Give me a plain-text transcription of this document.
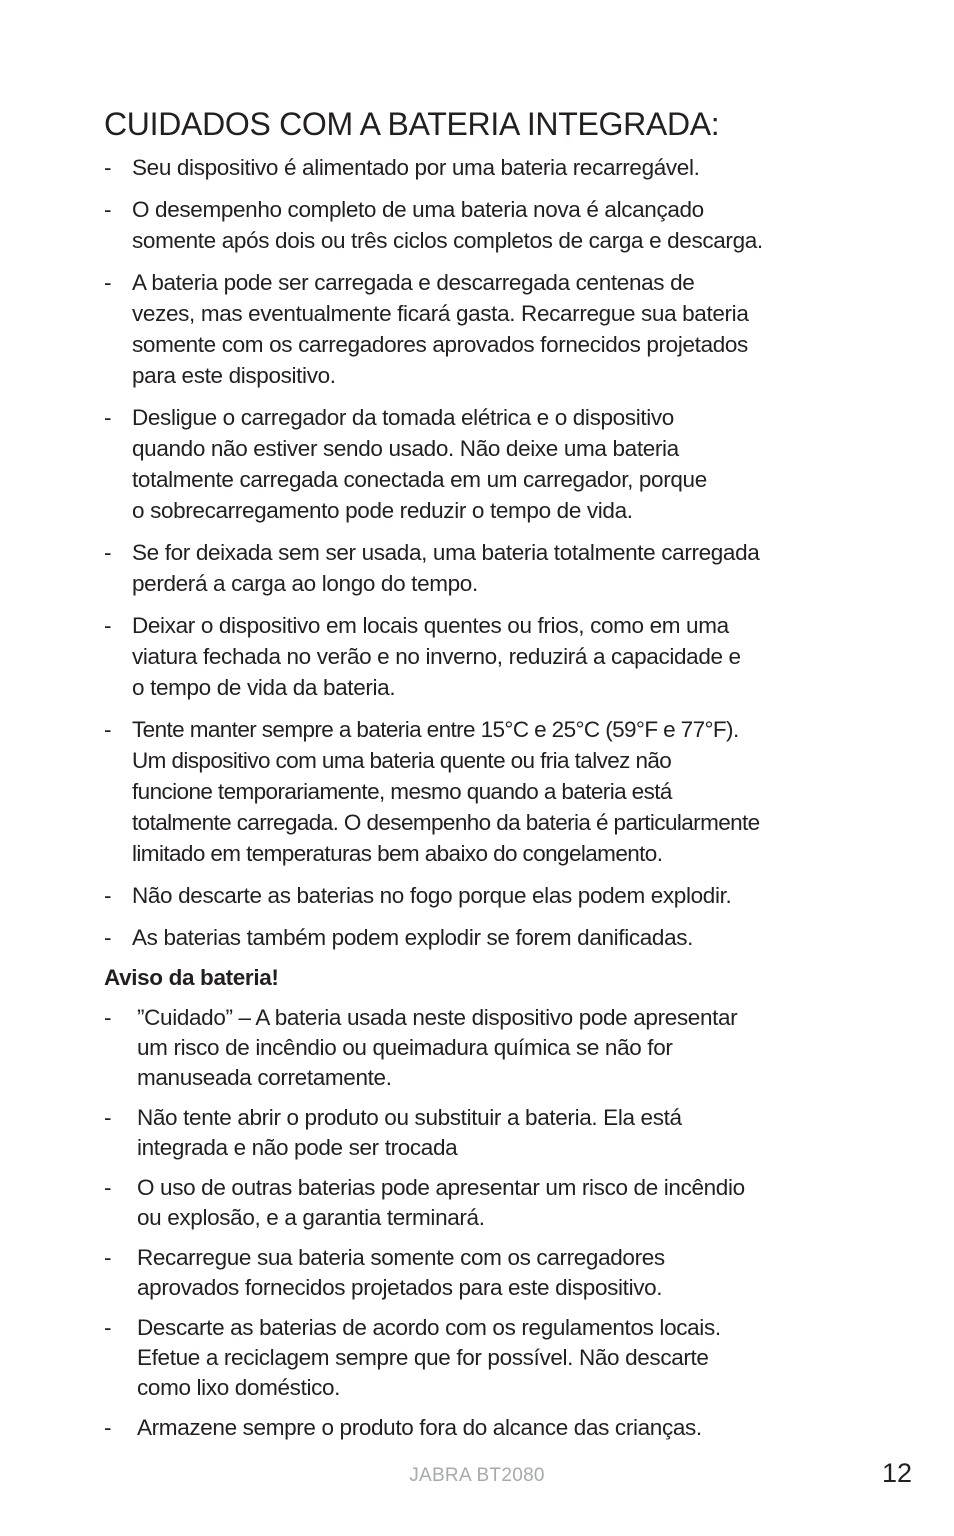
CUIDADOS COM A BATERIA INTEGRADA:
- Seu dispositivo é alimentado por uma bateria recarregável.

- O desempenho completo de uma bateria nova é alcançado
somente após dois ou três ciclos completos de carga e descarga.

- A bateria pode ser carregada e descarregada centenas de
vezes, mas eventualmente ficará gasta. Recarregue sua bateria
somente com os carregadores aprovados fornecidos projetados
para este dispositivo.

- Desligue o carregador da tomada elétrica e o dispositivo
quando não estiver sendo usado. Não deixe uma bateria
totalmente carregada conectada em um carregador, porque
o sobrecarregamento pode reduzir o tempo de vida.

- Se for deixada sem ser usada, uma bateria totalmente carregada
perderá a carga ao longo do tempo.

- Deixar o dispositivo em locais quentes ou frios, como em uma
viatura fechada no verão e no inverno, reduzirá a capacidade e
o tempo de vida da bateria.

- Tente manter sempre a bateria entre 15°C e 25°C (59°F e 77°F).
Um dispositivo com uma bateria quente ou fria talvez não
funcione temporariamente, mesmo quando a bateria está
totalmente carregada. O desempenho da bateria é particularmente
limitado em temperaturas bem abaixo do congelamento.

- Não descarte as baterias no fogo porque elas podem explodir.

- As baterias também podem explodir se forem danificadas.

Aviso da bateria!
-	”Cuidado” – A bateria usada neste dispositivo pode apresentar
um risco de incêndio ou queimadura química se não for
manuseada corretamente.

-	Não tente abrir o produto ou substituir a bateria. Ela está
integrada e não pode ser trocada

-	O uso de outras baterias pode apresentar um risco de incêndio
ou explosão, e a garantia terminará.

-	Recarregue sua bateria somente com os carregadores
aprovados fornecidos projetados para este dispositivo.

-	Descarte as baterias de acordo com os regulamentos locais.
Efetue a reciclagem sempre que for possível. Não descarte
como lixo doméstico.

-	Armazene sempre o produto fora do alcance das crianças.

JABRA BT2080	12
